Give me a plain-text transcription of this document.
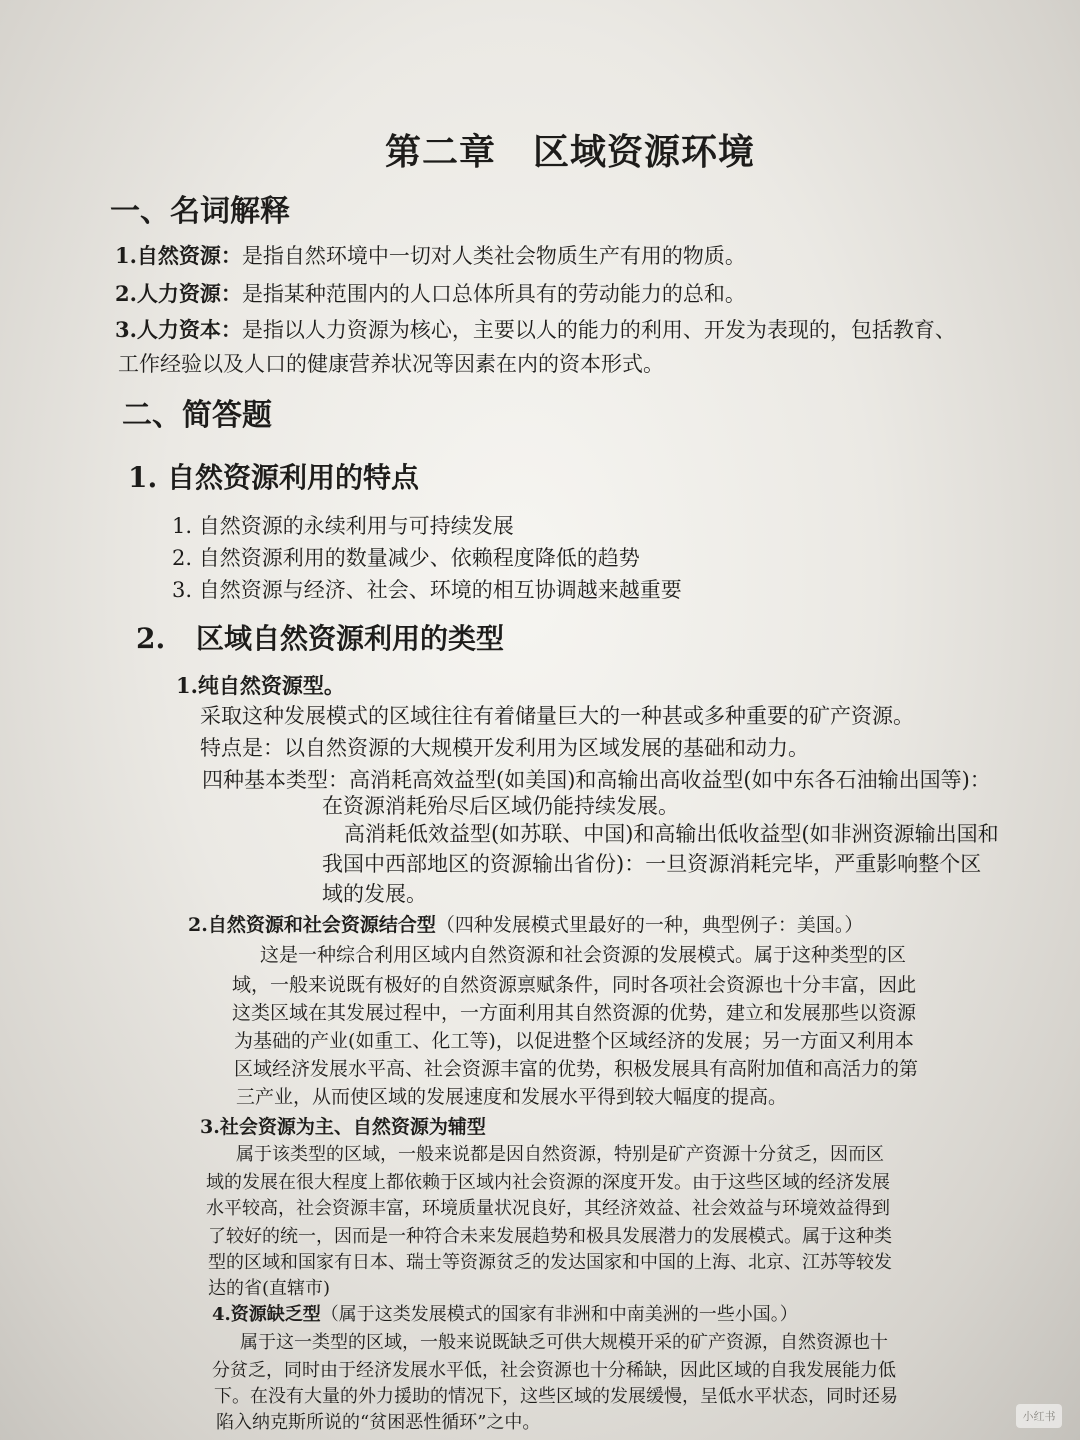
第二章　区域资源环境
一、名词解释
1.自然资源：是指自然环境中一切对人类社会物质生产有用的物质。
2.人力资源：是指某种范围内的人口总体所具有的劳动能力的总和。
3.人力资本：是指以人力资源为核心，主要以人的能力的利用、开发为表现的，包括教育、
工作经验以及人口的健康营养状况等因素在内的资本形式。
二、简答题
1. 自然资源利用的特点
1. 自然资源的永续利用与可持续发展
2. 自然资源利用的数量减少、依赖程度降低的趋势
3. 自然资源与经济、社会、环境的相互协调越来越重要
2. 区域自然资源利用的类型
1.纯自然资源型。
采取这种发展模式的区域往往有着储量巨大的一种甚或多种重要的矿产资源。
特点是：以自然资源的大规模开发利用为区域发展的基础和动力。
四种基本类型：高消耗高效益型(如美国)和高输出高收益型(如中东各石油输出国等)：
在资源消耗殆尽后区域仍能持续发展。
高消耗低效益型(如苏联、中国)和高输出低收益型(如非洲资源输出国和
我国中西部地区的资源输出省份)：一旦资源消耗完毕，严重影响整个区
域的发展。
2.自然资源和社会资源结合型（四种发展模式里最好的一种，典型例子：美国。）
这是一种综合利用区域内自然资源和社会资源的发展模式。属于这种类型的区
域，一般来说既有极好的自然资源禀赋条件，同时各项社会资源也十分丰富，因此
这类区域在其发展过程中，一方面利用其自然资源的优势，建立和发展那些以资源
为基础的产业(如重工、化工等)，以促进整个区域经济的发展；另一方面又利用本
区域经济发展水平高、社会资源丰富的优势，积极发展具有高附加值和高活力的第
三产业，从而使区域的发展速度和发展水平得到较大幅度的提高。
3.社会资源为主、自然资源为辅型
属于该类型的区域，一般来说都是因自然资源，特别是矿产资源十分贫乏，因而区
域的发展在很大程度上都依赖于区域内社会资源的深度开发。由于这些区域的经济发展
水平较高，社会资源丰富，环境质量状况良好，其经济效益、社会效益与环境效益得到
了较好的统一，因而是一种符合未来发展趋势和极具发展潜力的发展模式。属于这种类
型的区域和国家有日本、瑞士等资源贫乏的发达国家和中国的上海、北京、江苏等较发
达的省(直辖市)
4.资源缺乏型（属于这类发展模式的国家有非洲和中南美洲的一些小国。）
属于这一类型的区域，一般来说既缺乏可供大规模开采的矿产资源，自然资源也十
分贫乏，同时由于经济发展水平低，社会资源也十分稀缺，因此区域的自我发展能力低
下。在没有大量的外力援助的情况下，这些区域的发展缓慢，呈低水平状态，同时还易
陷入纳克斯所说的“贫困恶性循环”之中。	小红书
